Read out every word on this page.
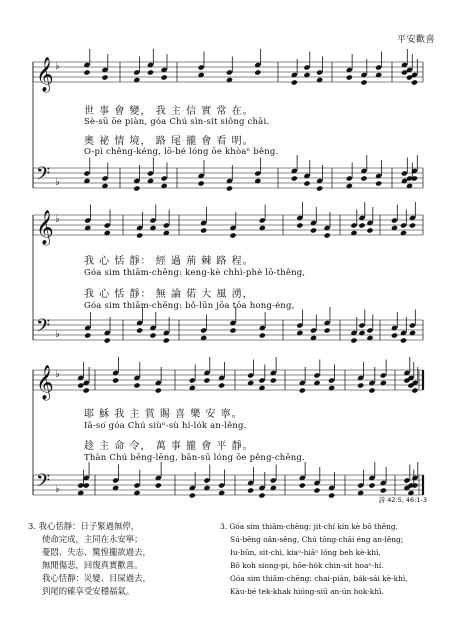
平安歡喜
𝄞 ♭
𝄢 ♭
𝄞 ♭
𝄢 ♭
𝄞 ♭
𝄢 ♭
世 事 會 變， 我 主 信 實 常 在。
Sè-sū ōe piàn, góa Chú sìn-sit siông chāi.
奧 祕 情 境， 路 尾 攏 會 看 明。
O-pì chêng-kéng, lō-bé lóng ōe khòaⁿ bêng.
我 心 恬 靜： 經 過 荊 棘 路 程。
Góa sim thiām-chēng: keng-kè chhì-phè lō-thêng,
我 心 恬 靜： 無 論 偌 大 風 湧，
Góa sim thiām-chēng: bô-lūn jōa tōa hong-éng,
耶 穌 我 主 賞 賜 喜 樂 安 寧。
Iâ-so͘ góa Chú siùⁿ-sù hí-lo̍k an-lêng.
趁 主 命 令， 萬 事 攏 會 平 靜。
Thàn Chú bēng-lēng, bān-sū lóng ōe pêng-chēng.
詩 42:5, 46:1-3
3. 我心恬靜：日子緊過無停，
使命完成，主同在永安寧；
憂悶、失志、驚惶攏欲過去，
無閒傷悲，回復真實歡喜。
我心恬靜：災變、目屎過去，
到尾的確享受安穩福氣。
3. Góa sim thiām-chēng: jit-chí kín kè bô thêng,
Sú-bēng oân-sêng, Chú tông-chāi éng an-lêng;
Iu-būn, sit-chì, kiaⁿ-hiâⁿ lóng beh kè-khì,
Bô koh siong-pi, hôe-ho̍k chin-sit hoaⁿ-hí.
Góa sim thiām-chēng: chai-piàn, ba̍k-sái kè-khì,
Kàu-bé tek-khak hióng-siū an-ún hok-khì.
